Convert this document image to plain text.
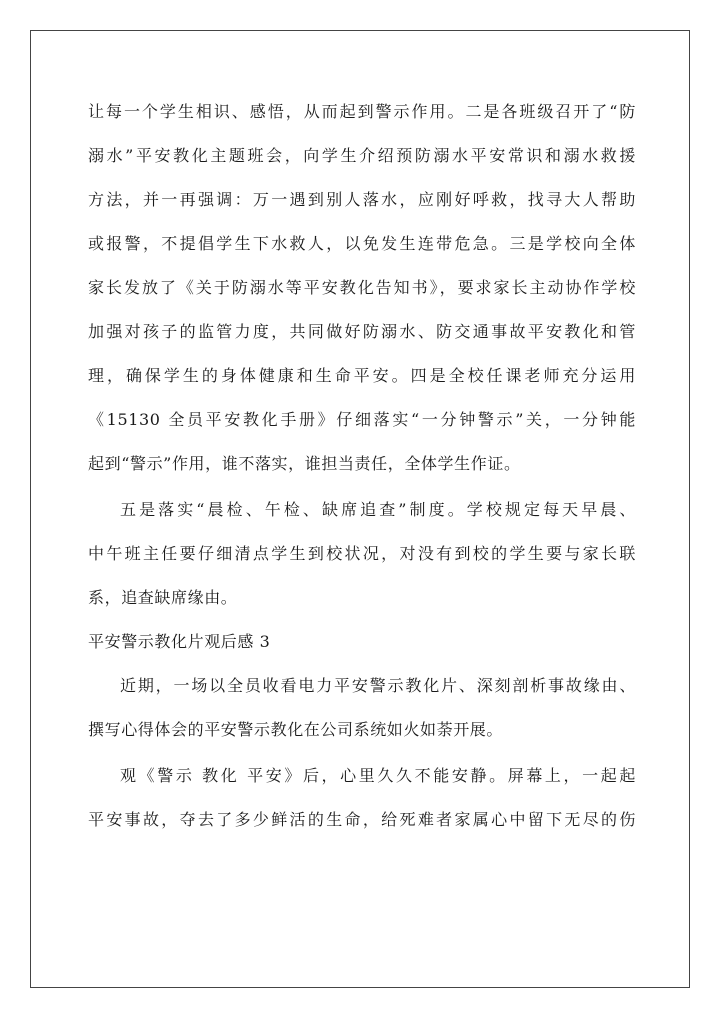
让每一个学生相识、感悟，从而起到警示作用。二是各班级召开了“防
溺水”平安教化主题班会，向学生介绍预防溺水平安常识和溺水救援
方法，并一再强调：万一遇到别人落水，应刚好呼救，找寻大人帮助
或报警，不提倡学生下水救人，以免发生连带危急。三是学校向全体
家长发放了《关于防溺水等平安教化告知书》，要求家长主动协作学校
加强对孩子的监管力度，共同做好防溺水、防交通事故平安教化和管
理，确保学生的身体健康和生命平安。四是全校任课老师充分运用
《15130 全员平安教化手册》仔细落实“一分钟警示”关，一分钟能
起到“警示”作用，谁不落实，谁担当责任，全体学生作证。
五是落实“晨检、午检、缺席追查”制度。学校规定每天早晨、
中午班主任要仔细清点学生到校状况，对没有到校的学生要与家长联
系，追查缺席缘由。
平安警示教化片观后感 3
近期，一场以全员收看电力平安警示教化片、深刻剖析事故缘由、
撰写心得体会的平安警示教化在公司系统如火如荼开展。
观《警示 教化 平安》后，心里久久不能安静。屏幕上，一起起
平安事故，夺去了多少鲜活的生命，给死难者家属心中留下无尽的伤
